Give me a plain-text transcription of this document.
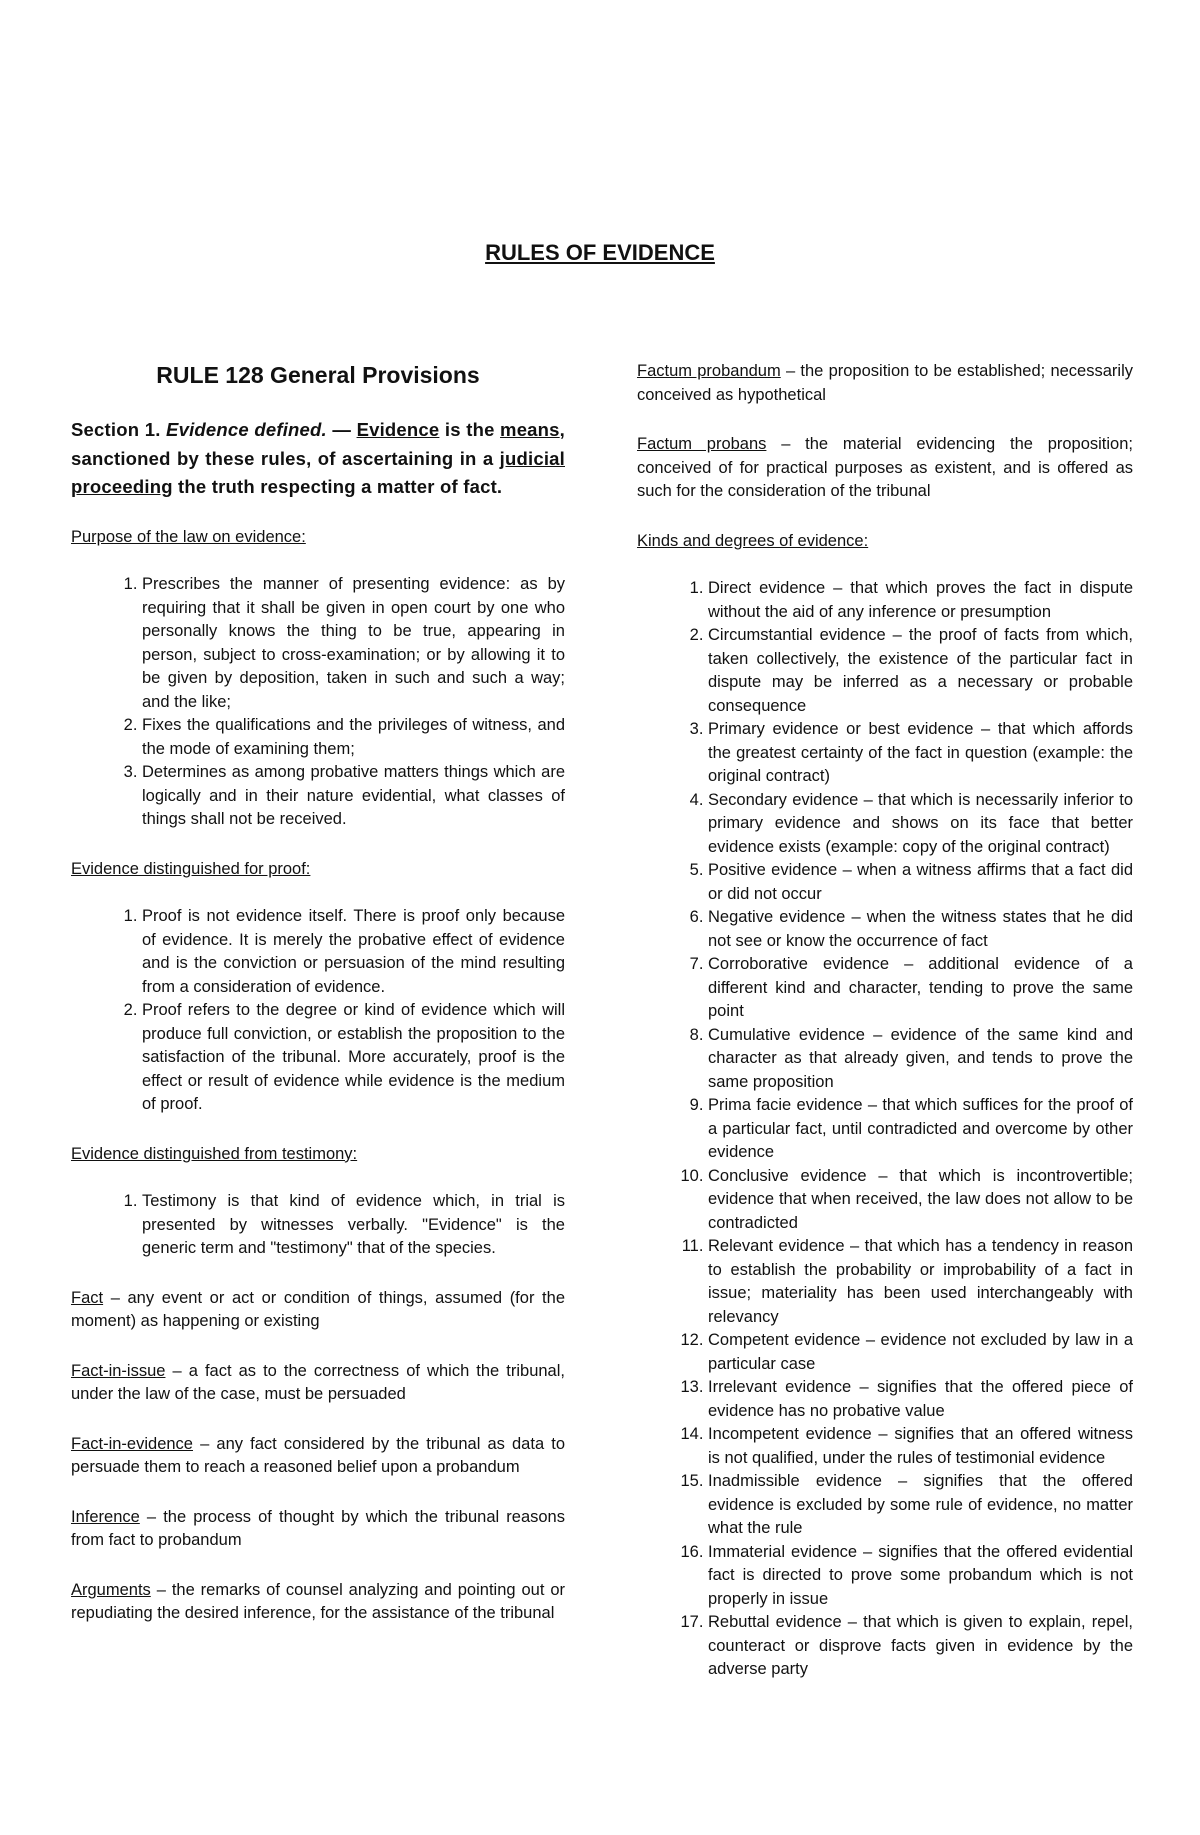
RULES OF EVIDENCE
RULE 128 General Provisions

Section 1. Evidence defined. — Evidence is the means, sanctioned by these rules, of ascertaining in a judicial proceeding the truth respecting a matter of fact.

Purpose of the law on evidence:

1. Prescribes the manner of presenting evidence: as by requiring that it shall be given in open court by one who personally knows the thing to be true, appearing in person, subject to cross-examination; or by allowing it to be given by deposition, taken in such and such a way; and the like;
2. Fixes the qualifications and the privileges of witness, and the mode of examining them;
3. Determines as among probative matters things which are logically and in their nature evidential, what classes of things shall not be received.

Evidence distinguished for proof:

1. Proof is not evidence itself. There is proof only because of evidence. It is merely the probative effect of evidence and is the conviction or persuasion of the mind resulting from a consideration of evidence.
2. Proof refers to the degree or kind of evidence which will produce full conviction, or establish the proposition to the satisfaction of the tribunal. More accurately, proof is the effect or result of evidence while evidence is the medium of proof.

Evidence distinguished from testimony:

1. Testimony is that kind of evidence which, in trial is presented by witnesses verbally. "Evidence" is the generic term and "testimony" that of the species.

Fact – any event or act or condition of things, assumed (for the moment) as happening or existing

Fact-in-issue – a fact as to the correctness of which the tribunal, under the law of the case, must be persuaded

Fact-in-evidence – any fact considered by the tribunal as data to persuade them to reach a reasoned belief upon a probandum

Inference – the process of thought by which the tribunal reasons from fact to probandum

Arguments – the remarks of counsel analyzing and pointing out or repudiating the desired inference, for the assistance of the tribunal

Factum probandum – the proposition to be established; necessarily conceived as hypothetical

Factum probans – the material evidencing the proposition; conceived of for practical purposes as existent, and is offered as such for the consideration of the tribunal

Kinds and degrees of evidence:

1. Direct evidence – that which proves the fact in dispute without the aid of any inference or presumption
2. Circumstantial evidence – the proof of facts from which, taken collectively, the existence of the particular fact in dispute may be inferred as a necessary or probable consequence
3. Primary evidence or best evidence – that which affords the greatest certainty of the fact in question (example: the original contract)
4. Secondary evidence – that which is necessarily inferior to primary evidence and shows on its face that better evidence exists (example: copy of the original contract)
5. Positive evidence – when a witness affirms that a fact did or did not occur
6. Negative evidence – when the witness states that he did not see or know the occurrence of fact
7. Corroborative evidence – additional evidence of a different kind and character, tending to prove the same point
8. Cumulative evidence – evidence of the same kind and character as that already given, and tends to prove the same proposition
9. Prima facie evidence – that which suffices for the proof of a particular fact, until contradicted and overcome by other evidence
10. Conclusive evidence – that which is incontrovertible; evidence that when received, the law does not allow to be contradicted
11. Relevant evidence – that which has a tendency in reason to establish the probability or improbability of a fact in issue; materiality has been used interchangeably with relevancy
12. Competent evidence – evidence not excluded by law in a particular case
13. Irrelevant evidence – signifies that the offered piece of evidence has no probative value
14. Incompetent evidence – signifies that an offered witness is not qualified, under the rules of testimonial evidence
15. Inadmissible evidence – signifies that the offered evidence is excluded by some rule of evidence, no matter what the rule
16. Immaterial evidence – signifies that the offered evidential fact is directed to prove some probandum which is not properly in issue
17. Rebuttal evidence – that which is given to explain, repel, counteract or disprove facts given in evidence by the adverse party
